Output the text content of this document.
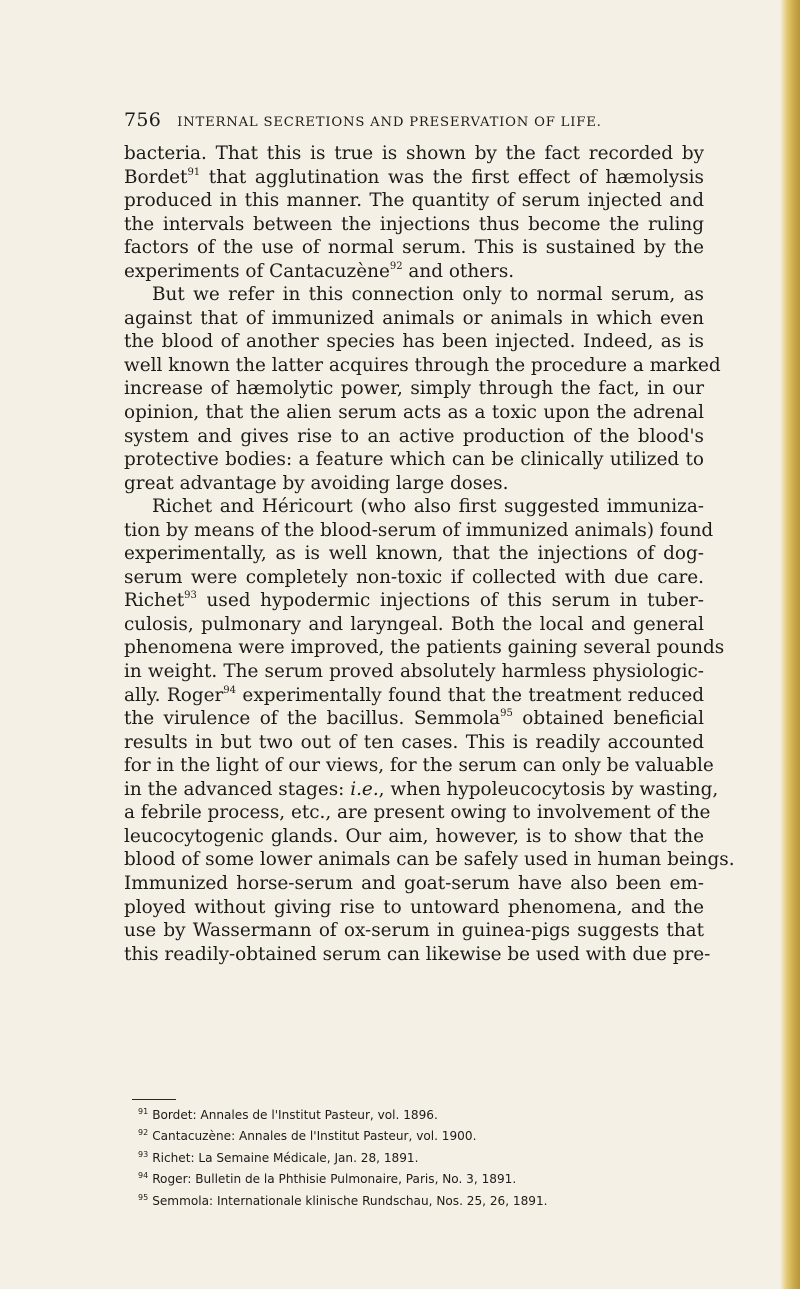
756 INTERNAL SECRETIONS AND PRESERVATION OF LIFE.
bacteria. That this is true is shown by the fact recorded by
Bordet$^{91}$ that agglutination was the first effect of hæmolysis
produced in this manner. The quantity of serum injected and
the intervals between the injections thus become the ruling
factors of the use of normal serum. This is sustained by the
experiments of Cantacuzène$^{92}$ and others.
But we refer in this connection only to normal serum, as
against that of immunized animals or animals in which even
the blood of another species has been injected. Indeed, as is
well known the latter acquires through the procedure a marked
increase of hæmolytic power, simply through the fact, in our
opinion, that the alien serum acts as a toxic upon the adrenal
system and gives rise to an active production of the blood's
protective bodies: a feature which can be clinically utilized to
great advantage by avoiding large doses.
Richet and Héricourt (who also first suggested immuniza-
tion by means of the blood-serum of immunized animals) found
experimentally, as is well known, that the injections of dog-
serum were completely non-toxic if collected with due care.
Richet$^{93}$ used hypodermic injections of this serum in tuber-
culosis, pulmonary and laryngeal. Both the local and general
phenomena were improved, the patients gaining several pounds
in weight. The serum proved absolutely harmless physiologic-
ally. Roger$^{94}$ experimentally found that the treatment reduced
the virulence of the bacillus. Semmola$^{95}$ obtained beneficial
results in but two out of ten cases. This is readily accounted
for in the light of our views, for the serum can only be valuable
in the advanced stages: i.e., when hypoleucocytosis by wasting,
a febrile process, etc., are present owing to involvement of the
leucocytogenic glands. Our aim, however, is to show that the
blood of some lower animals can be safely used in human beings.
Immunized horse-serum and goat-serum have also been em-
ployed without giving rise to untoward phenomena, and the
use by Wassermann of ox-serum in guinea-pigs suggests that
this readily-obtained serum can likewise be used with due pre-
$^{91}$ Bordet: Annales de l'Institut Pasteur, vol. 1896.
$^{92}$ Cantacuzène: Annales de l'Institut Pasteur, vol. 1900.
$^{93}$ Richet: La Semaine Médicale, Jan. 28, 1891.
$^{94}$ Roger: Bulletin de la Phthisie Pulmonaire, Paris, No. 3, 1891.
$^{95}$ Semmola: Internationale klinische Rundschau, Nos. 25, 26, 1891.
